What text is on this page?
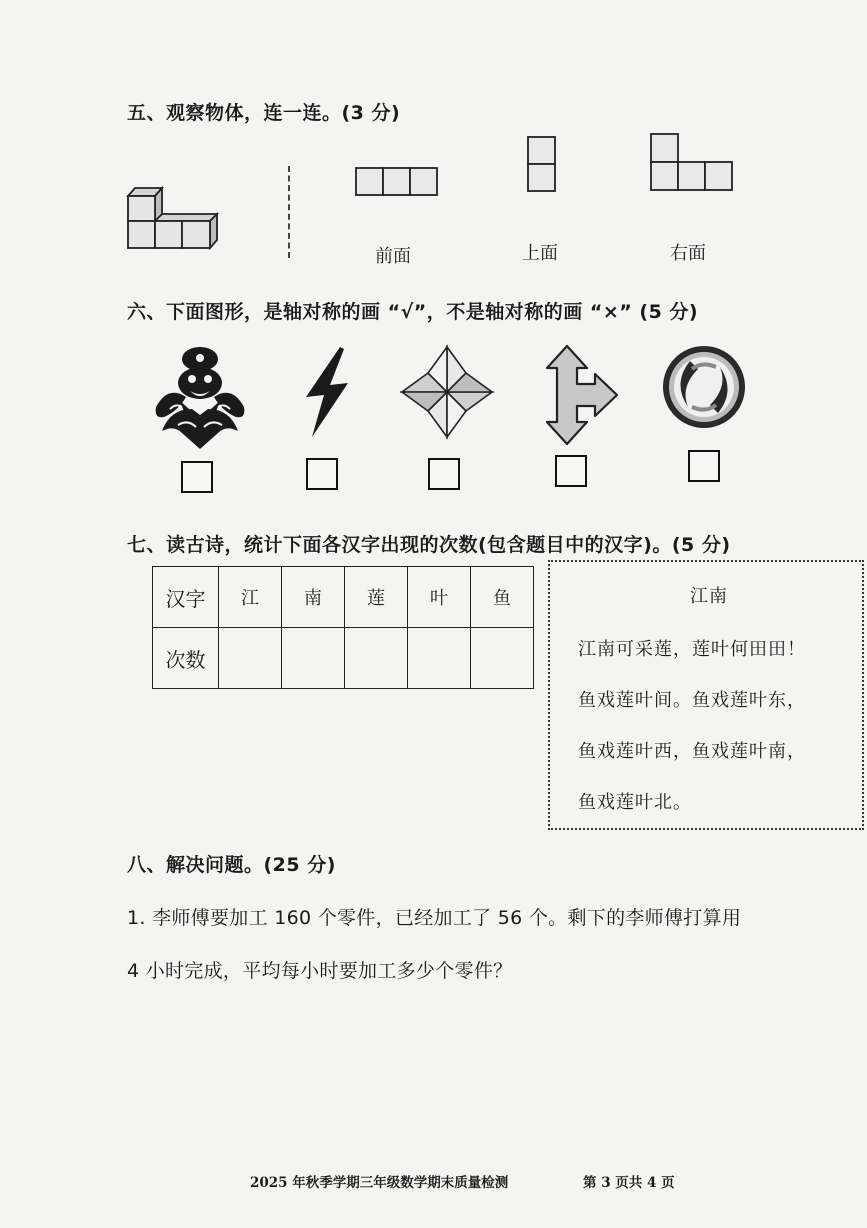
五、观察物体，连一连。(3 分)
前面	上面	右面
六、下面图形，是轴对称的画 “√”，不是轴对称的画 “×” (5 分)
七、读古诗，统计下面各汉字出现的次数(包含题目中的汉字)。(5 分)
汉字	江	南	莲	叶	鱼
次数					

江南

江南可采莲，莲叶何田田！

鱼戏莲叶间。鱼戏莲叶东，

鱼戏莲叶西，鱼戏莲叶南，

鱼戏莲叶北。

八、解决问题。(25 分)
1. 李师傅要加工 160 个零件，已经加工了 56 个。剩下的李师傅打算用
4 小时完成，平均每小时要加工多少个零件？
2025 年秋季学期三年级数学期末质量检测	第 3 页共 4 页
